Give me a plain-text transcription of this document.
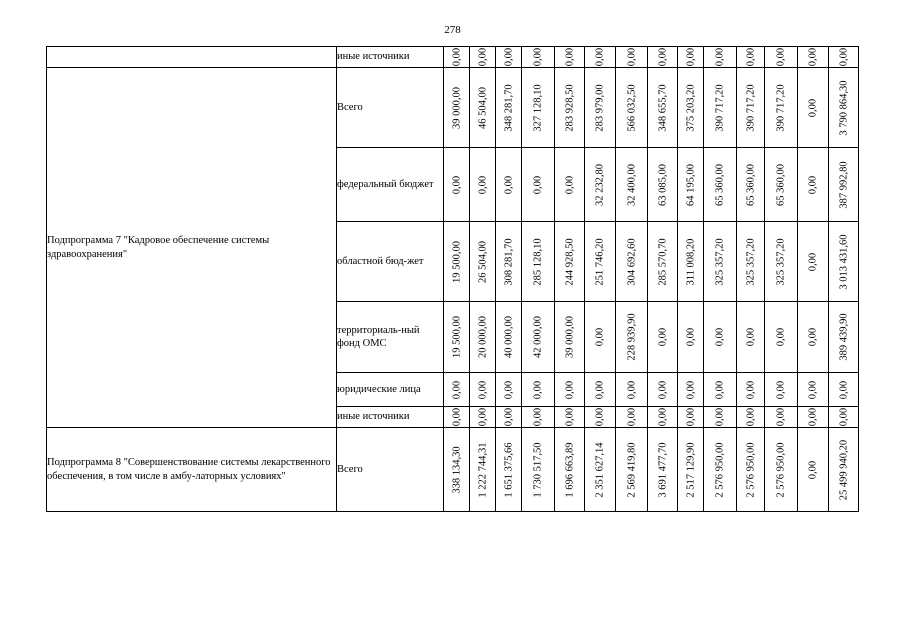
278
	иные источники	0,00	0,00	0,00	0,00	0,00	0,00	0,00	0,00	0,00	0,00	0,00	0,00	0,00	0,00

Подпрограмма 7 "Кадровое обеспечение системы здравоохранения"	Всего	39 000,00	46 504,00	348 281,70	327 128,10	283 928,50	283 979,00	566 032,50	348 655,70	375 203,20	390 717,20	390 717,20	390 717,20	0,00	3 790 864,30

	федеральный бюджет	0,00	0,00	0,00	0,00	0,00	32 232,80	32 400,00	63 085,00	64 195,00	65 360,00	65 360,00	65 360,00	0,00	387 992,80

	областной бюд-жет	19 500,00	26 504,00	308 281,70	285 128,10	244 928,50	251 746,20	304 692,60	285 570,70	311 008,20	325 357,20	325 357,20	325 357,20	0,00	3 013 431,60

	территориаль-ный фонд ОМС	19 500,00	20 000,00	40 000,00	42 000,00	39 000,00	0,00	228 939,90	0,00	0,00	0,00	0,00	0,00	0,00	389 439,90

	юридические лица	0,00	0,00	0,00	0,00	0,00	0,00	0,00	0,00	0,00	0,00	0,00	0,00	0,00	0,00

	иные источники	0,00	0,00	0,00	0,00	0,00	0,00	0,00	0,00	0,00	0,00	0,00	0,00	0,00	0,00

Подпрограмма 8 "Совершенствование системы лекарственного обеспечения, в том числе в амбу-латорных условиях"	Всего	338 134,30	1 222 744,31	1 651 375,66	1 730 517,50	1 696 663,89	2 351 627,14	2 569 419,80	3 691 477,70	2 517 129,90	2 576 950,00	2 576 950,00	2 576 950,00	0,00	25 499 940,20
